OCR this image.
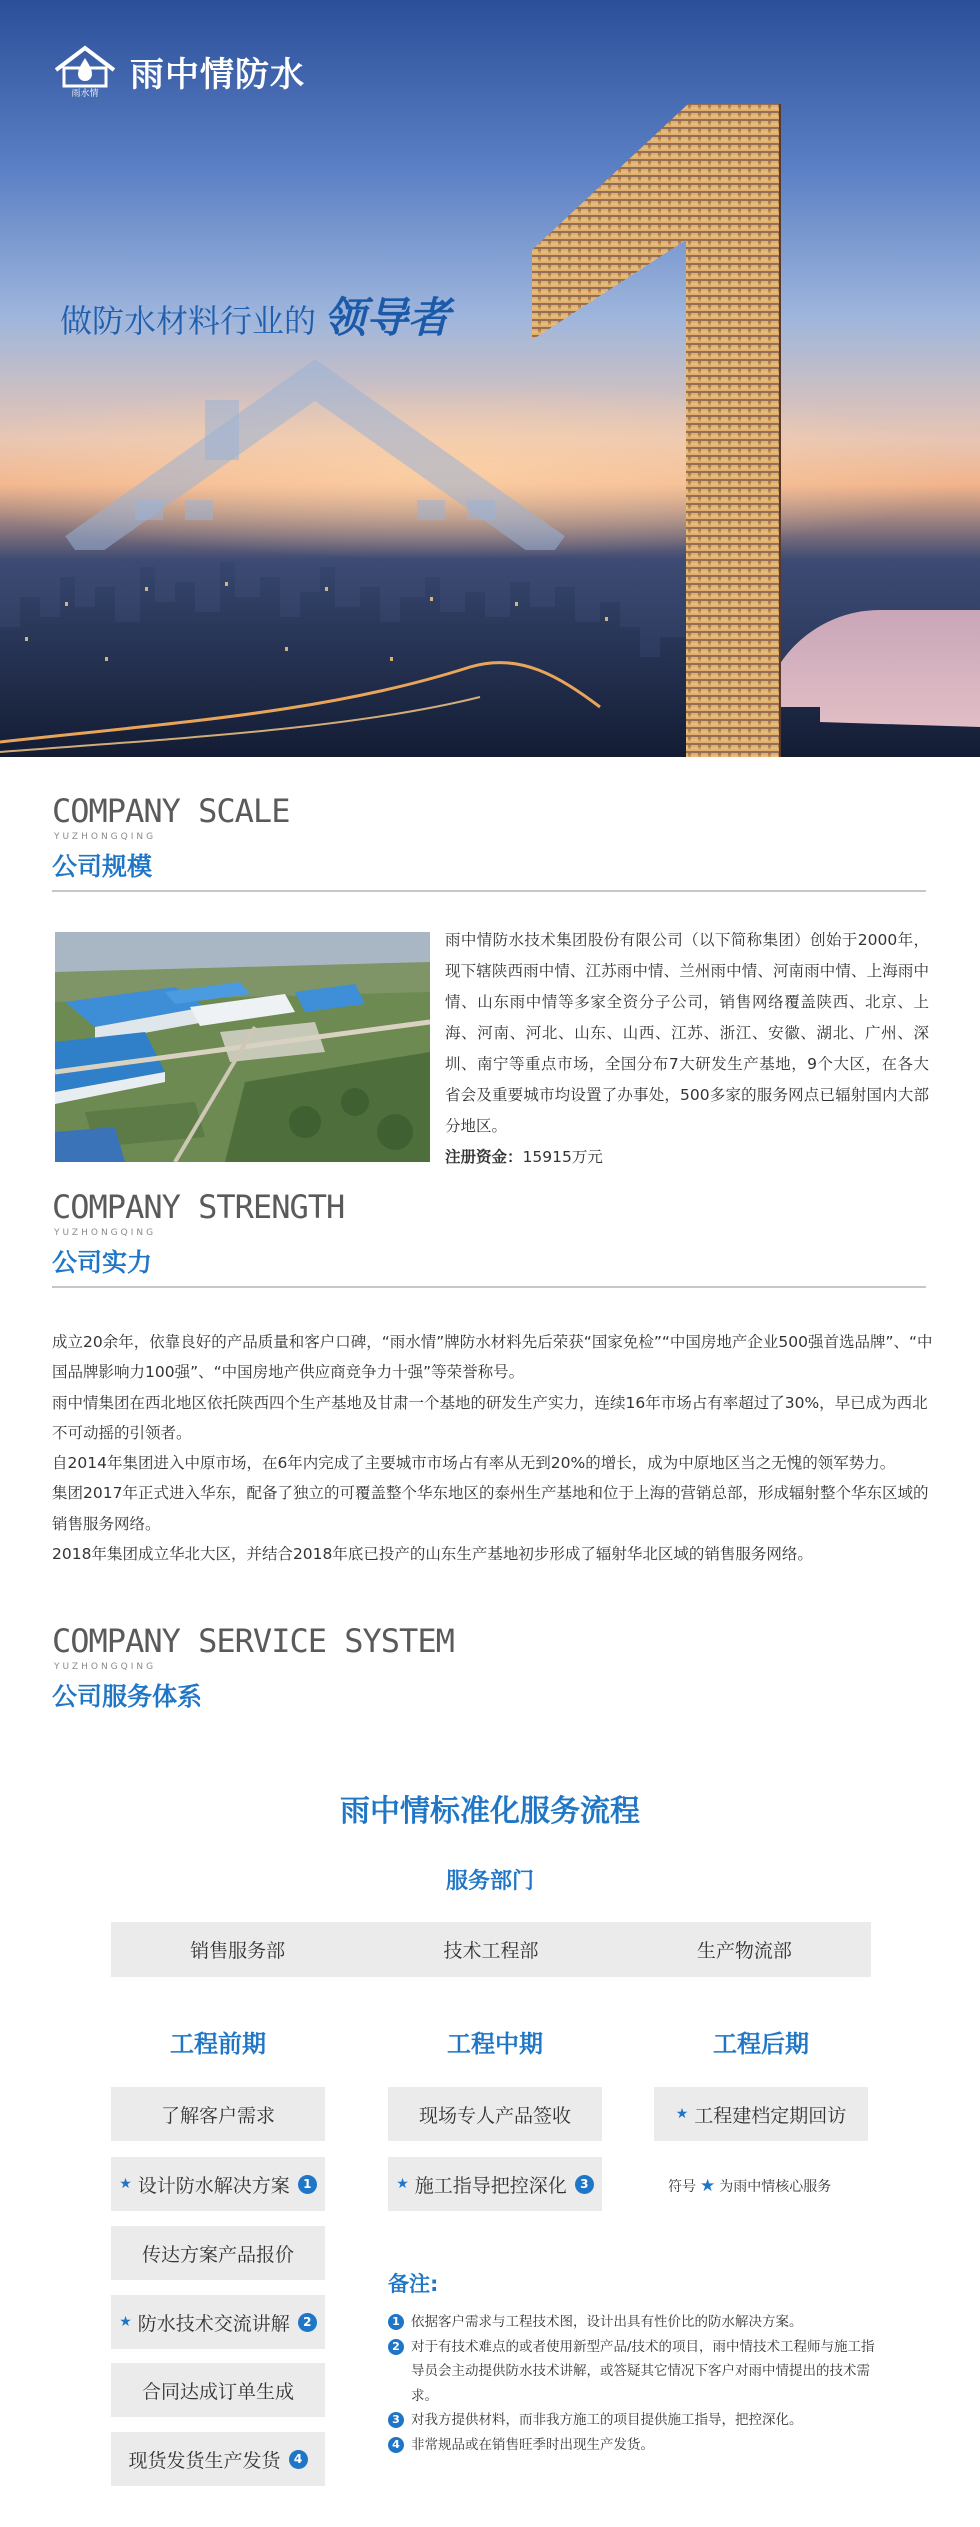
雨水情 雨中情防水
做防水材料行业的 领导者
COMPANY SCALE
YUZHONGQING
公司规模
雨中情防水技术集团股份有限公司（以下简称集团）创始于2000年，现下辖陕西雨中情、江苏雨中情、兰州雨中情、河南雨中情、上海雨中情、山东雨中情等多家全资分子公司，销售网络覆盖陕西、北京、上海、河南、河北、山东、山西、江苏、浙江、安徽、湖北、广州、深圳、南宁等重点市场，全国分布7大研发生产基地，9个大区，在各大省会及重要城市均设置了办事处，500多家的服务网点已辐射国内大部分地区。
注册资金：15915万元
COMPANY STRENGTH
YUZHONGQING
公司实力

成立20余年，依靠良好的产品质量和客户口碑，“雨水情”牌防水材料先后荣获“国家免检”“中国房地产企业500强首选品牌”、“中国品牌影响力100强”、“中国房地产供应商竞争力十强”等荣誉称号。

雨中情集团在西北地区依托陕西四个生产基地及甘肃一个基地的研发生产实力，连续16年市场占有率超过了30%，早已成为西北不可动摇的引领者。

自2014年集团进入中原市场，在6年内完成了主要城市市场占有率从无到20%的增长，成为中原地区当之无愧的领军势力。

集团2017年正式进入华东，配备了独立的可覆盖整个华东地区的泰州生产基地和位于上海的营销总部，形成辐射整个华东区域的销售服务网络。

2018年集团成立华北大区，并结合2018年底已投产的山东生产基地初步形成了辐射华北区域的销售服务网络。

COMPANY SERVICE SYSTEM
YUZHONGQING
公司服务体系
雨中情标准化服务流程
服务部门
销售服务部	技术工程部	生产物流部
工程前期	工程中期	工程后期
了解客户需求
★ 设计防水解决方案	1
传达方案产品报价
★ 防水技术交流讲解	2
合同达成订单生成
现货发货生产发货	4
现场专人产品签收
★ 施工指导把控深化	3
★ 工程建档定期回访
符号 ★ 为雨中情核心服务
备注:
1 依据客户需求与工程技术图，设计出具有性价比的防水解决方案。
2 对于有技术难点的或者使用新型产品/技术的项目，雨中情技术工程师与施工指导员会主动提供防水技术讲解，或答疑其它情况下客户对雨中情提出的技术需求。
3 对我方提供材料，而非我方施工的项目提供施工指导，把控深化。
4 非常规品或在销售旺季时出现生产发货。
